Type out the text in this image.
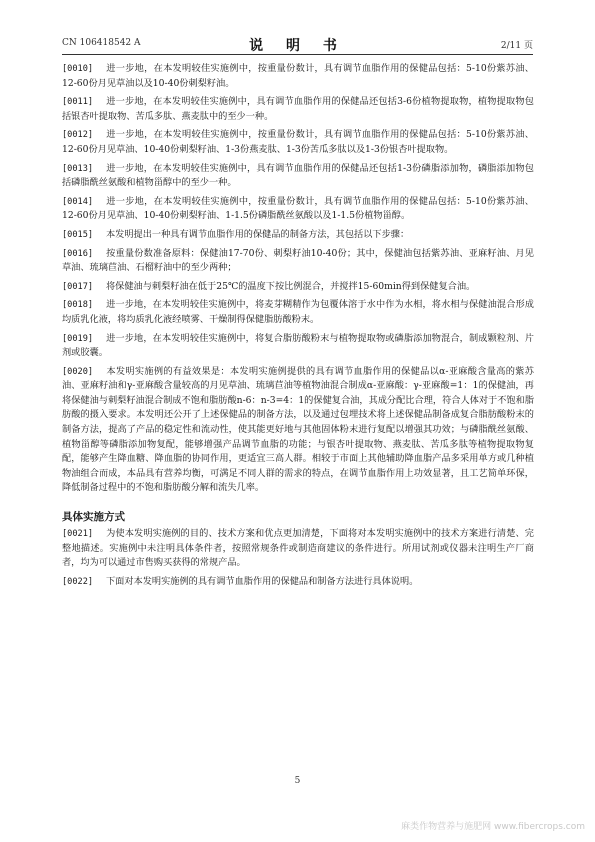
CN 106418542 A	说 明 书	2/11 页

[0010] 进一步地，在本发明较佳实施例中，按重量份数计，具有调节血脂作用的保健品包括：5-10份紫苏油、12-60份月见草油以及10-40份刺梨籽油。

[0011] 进一步地，在本发明较佳实施例中，具有调节血脂作用的保健品还包括3-6份植物提取物，植物提取物包括银杏叶提取物、苦瓜多肽、燕麦肽中的至少一种。

[0012] 进一步地，在本发明较佳实施例中，按重量份数计，具有调节血脂作用的保健品包括：5-10份紫苏油、12-60份月见草油、10-40份刺梨籽油、1-3份燕麦肽、1-3份苦瓜多肽以及1-3份银杏叶提取物。

[0013] 进一步地，在本发明较佳实施例中，具有调节血脂作用的保健品还包括1-3份磷脂添加物，磷脂添加物包括磷脂酰丝氨酸和植物甾醇中的至少一种。

[0014] 进一步地，在本发明较佳实施例中，按重量份数计，具有调节血脂作用的保健品包括：5-10份紫苏油、12-60份月见草油、10-40份刺梨籽油、1-1.5份磷脂酰丝氨酸以及1-1.5份植物甾醇。

[0015] 本发明提出一种具有调节血脂作用的保健品的制备方法，其包括以下步骤：

[0016] 按重量份数准备原料：保健油17-70份、刺梨籽油10-40份；其中，保健油包括紫苏油、亚麻籽油、月见草油、琉璃苣油、石榴籽油中的至少两种；

[0017] 将保健油与刺梨籽油在低于25℃的温度下按比例混合，并搅拌15-60min得到保健复合油。

[0018] 进一步地，在本发明较佳实施例中，将麦芽糊精作为包覆体溶于水中作为水相，将水相与保健油混合形成均质乳化液，将均质乳化液经喷雾、干燥制得保健脂肪酸粉末。

[0019] 进一步地，在本发明较佳实施例中，将复合脂肪酸粉末与植物提取物或磷脂添加物混合，制成颗粒剂、片剂或胶囊。

[0020] 本发明实施例的有益效果是：本发明实施例提供的具有调节血脂作用的保健品以α-亚麻酸含量高的紫苏油、亚麻籽油和γ-亚麻酸含量较高的月见草油、琉璃苣油等植物油混合制成α-亚麻酸：γ-亚麻酸=1：1的保健油，再将保健油与刺梨籽油混合制成不饱和脂肪酸n-6：n-3=4：1的保健复合油，其成分配比合理，符合人体对于不饱和脂肪酸的摄入要求。本发明还公开了上述保健品的制备方法，以及通过包埋技术将上述保健品制备成复合脂肪酸粉末的制备方法，提高了产品的稳定性和流动性，使其能更好地与其他固体粉末进行复配以增强其功效；与磷脂酰丝氨酸、植物甾醇等磷脂添加物复配，能够增强产品调节血脂的功能；与银杏叶提取物、燕麦肽、苦瓜多肽等植物提取物复配，能够产生降血糖、降血脂的协同作用，更适宜三高人群。相较于市面上其他辅助降血脂产品多采用单方或几种植物油组合而成，本品具有营养均衡，可满足不同人群的需求的特点，在调节血脂作用上功效显著，且工艺简单环保，降低制备过程中的不饱和脂肪酸分解和流失几率。

具体实施方式

[0021] 为使本发明实施例的目的、技术方案和优点更加清楚，下面将对本发明实施例中的技术方案进行清楚、完整地描述。实施例中未注明具体条件者，按照常规条件或制造商建议的条件进行。所用试剂或仪器未注明生产厂商者，均为可以通过市售购买获得的常规产品。

[0022] 下面对本发明实施例的具有调节血脂作用的保健品和制备方法进行具体说明。

5
麻类作物营养与施肥网 www.fibercrops.com
